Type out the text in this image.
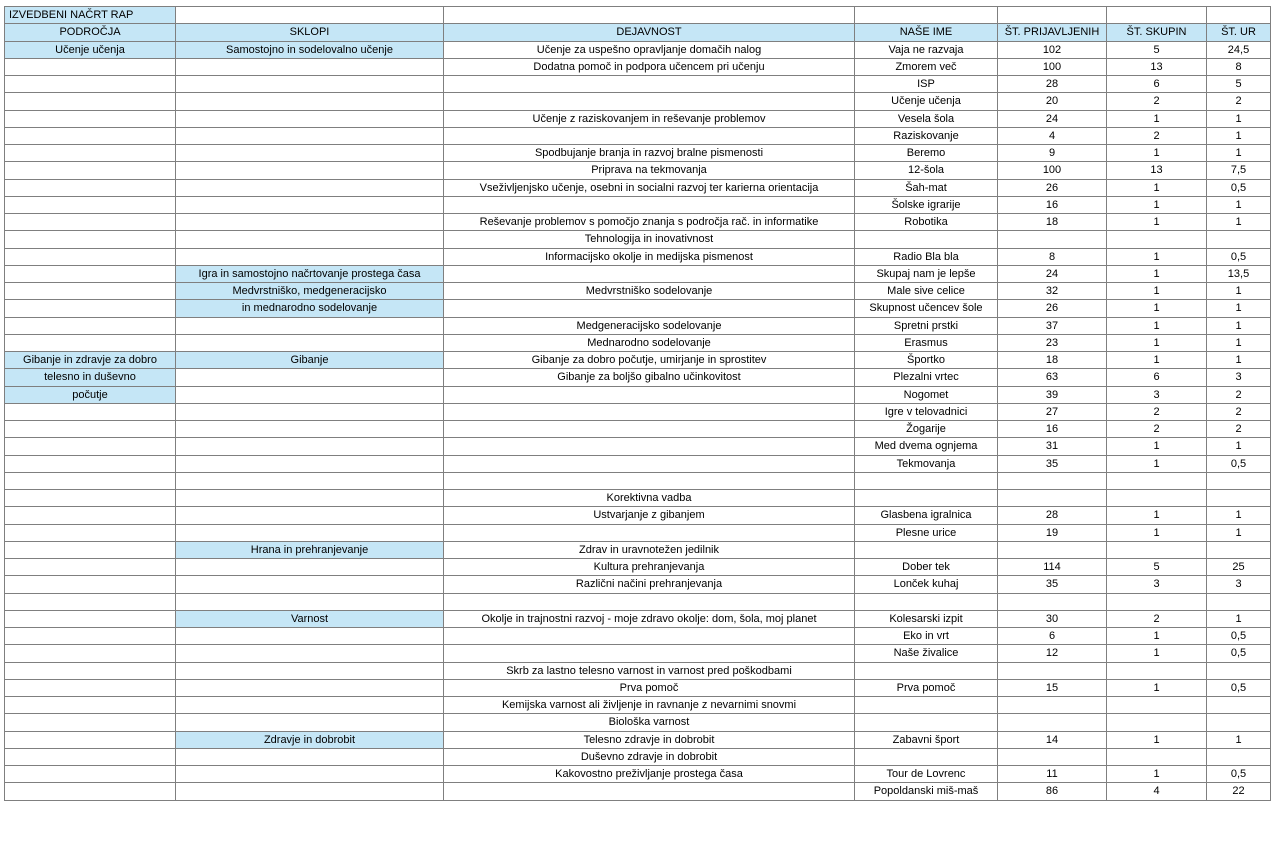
IZVEDBENI NAČRT RAP						
PODROČJA	SKLOPI	DEJAVNOST	NAŠE IME	ŠT. PRIJAVLJENIH	ŠT. SKUPIN	ŠT. UR
Učenje učenja	Samostojno in sodelovalno učenje	Učenje za uspešno opravljanje domačih nalog	Vaja ne razvaja	102	5	24,5
		Dodatna pomoč in podpora učencem pri učenju	Zmorem več	100	13	8
			ISP	28	6	5
			Učenje učenja	20	2	2
		Učenje z raziskovanjem in reševanje problemov	Vesela šola	24	1	1
			Raziskovanje	4	2	1
		Spodbujanje branja in razvoj bralne pismenosti	Beremo	9	1	1
		Priprava na tekmovanja	12-šola	100	13	7,5
		Vseživljenjsko učenje, osebni in socialni razvoj ter karierna orientacija	Šah-mat	26	1	0,5
			Šolske igrarije	16	1	1
		Reševanje problemov s pomočjo znanja s področja rač. in informatike	Robotika	18	1	1
		Tehnologija in inovativnost				
		Informacijsko okolje in medijska pismenost	Radio Bla bla	8	1	0,5
	Igra in samostojno načrtovanje prostega časa		Skupaj nam je lepše	24	1	13,5
	Medvrstniško, medgeneracijsko	Medvrstniško sodelovanje	Male sive celice	32	1	1
	in mednarodno sodelovanje		Skupnost učencev šole	26	1	1
		Medgeneracijsko sodelovanje	Spretni prstki	37	1	1
		Mednarodno sodelovanje	Erasmus	23	1	1
Gibanje in zdravje za dobro	Gibanje	Gibanje za dobro počutje, umirjanje in sprostitev	Športko	18	1	1
telesno in duševno		Gibanje za boljšo gibalno učinkovitost	Plezalni vrtec	63	6	3
počutje			Nogomet	39	3	2
			Igre v telovadnici	27	2	2
			Žogarije	16	2	2
			Med dvema ognjema	31	1	1
			Tekmovanja	35	1	0,5

		Korektivna vadba				
		Ustvarjanje z gibanjem	Glasbena igralnica	28	1	1
			Plesne urice	19	1	1
	Hrana in prehranjevanje	Zdrav in uravnotežen jedilnik				
		Kultura prehranjevanja	Dober tek	114	5	25
		Različni načini prehranjevanja	Lonček kuhaj	35	3	3

	Varnost	Okolje in trajnostni razvoj - moje zdravo okolje: dom, šola, moj planet	Kolesarski izpit	30	2	1
			Eko in vrt	6	1	0,5
			Naše živalice	12	1	0,5
		Skrb za lastno telesno varnost in varnost pred poškodbami				
		Prva pomoč	Prva pomoč	15	1	0,5
		Kemijska varnost ali življenje in ravnanje z nevarnimi snovmi				
		Biološka varnost				
	Zdravje in dobrobit	Telesno zdravje in dobrobit	Zabavni šport	14	1	1
		Duševno zdravje in dobrobit				
		Kakovostno preživljanje prostega časa	Tour de Lovrenc	11	1	0,5
			Popoldanski miš-maš	86	4	22
